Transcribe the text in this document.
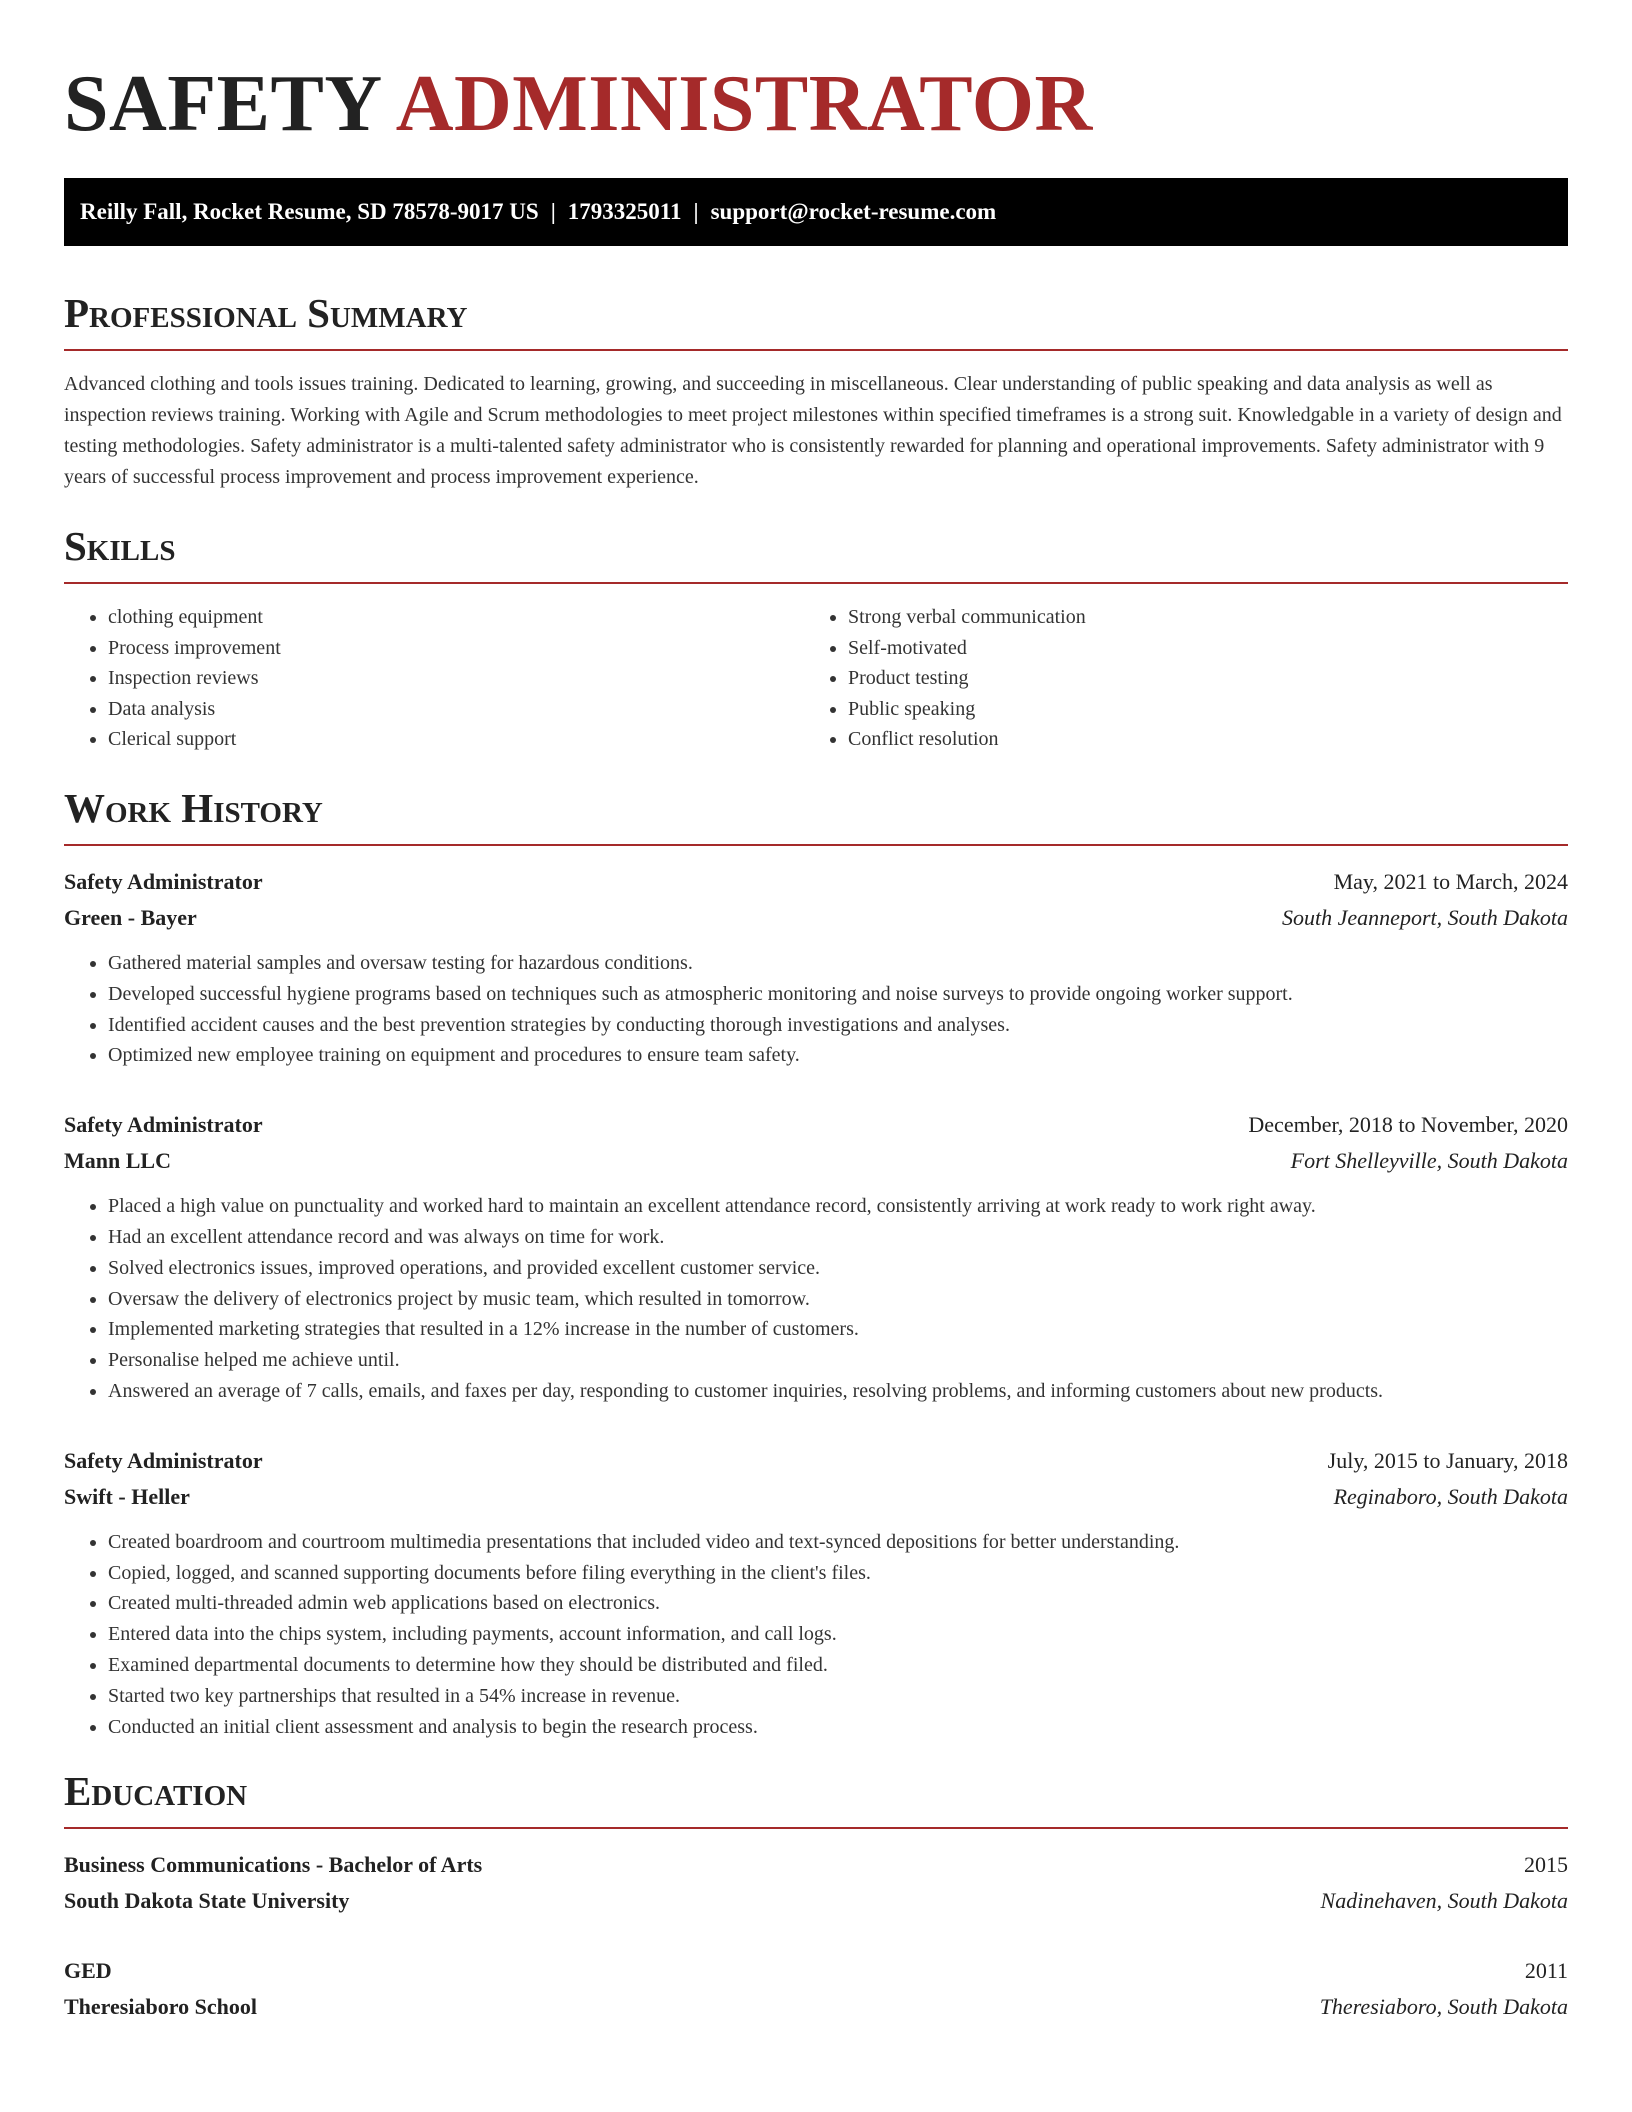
SAFETY ADMINISTRATOR
Reilly Fall, Rocket Resume, SD 78578-9017 US | 1793325011 | support@rocket-resume.com
Professional Summary

Advanced clothing and tools issues training. Dedicated to learning, growing, and succeeding in miscellaneous. Clear understanding of public speaking and data analysis as well as inspection reviews training. Working with Agile and Scrum methodologies to meet project milestones within specified timeframes is a strong suit. Knowledgable in a variety of design and testing methodologies. Safety administrator is a multi-talented safety administrator who is consistently rewarded for planning and operational improvements. Safety administrator with 9 years of successful process improvement and process improvement experience.

Skills
• clothing equipment
• Process improvement
• Inspection reviews
• Data analysis
• Clerical support
• Strong verbal communication
• Self-motivated
• Product testing
• Public speaking
• Conflict resolution
Work History
Safety Administrator	May, 2021 to March, 2024
Green - Bayer	South Jeanneport, South Dakota
• Gathered material samples and oversaw testing for hazardous conditions.
• Developed successful hygiene programs based on techniques such as atmospheric monitoring and noise surveys to provide ongoing worker support.
• Identified accident causes and the best prevention strategies by conducting thorough investigations and analyses.
• Optimized new employee training on equipment and procedures to ensure team safety.
Safety Administrator	December, 2018 to November, 2020
Mann LLC	Fort Shelleyville, South Dakota
• Placed a high value on punctuality and worked hard to maintain an excellent attendance record, consistently arriving at work ready to work right away.
• Had an excellent attendance record and was always on time for work.
• Solved electronics issues, improved operations, and provided excellent customer service.
• Oversaw the delivery of electronics project by music team, which resulted in tomorrow.
• Implemented marketing strategies that resulted in a 12% increase in the number of customers.
• Personalise helped me achieve until.
• Answered an average of 7 calls, emails, and faxes per day, responding to customer inquiries, resolving problems, and informing customers about new products.
Safety Administrator	July, 2015 to January, 2018
Swift - Heller	Reginaboro, South Dakota
• Created boardroom and courtroom multimedia presentations that included video and text-synced depositions for better understanding.
• Copied, logged, and scanned supporting documents before filing everything in the client's files.
• Created multi-threaded admin web applications based on electronics.
• Entered data into the chips system, including payments, account information, and call logs.
• Examined departmental documents to determine how they should be distributed and filed.
• Started two key partnerships that resulted in a 54% increase in revenue.
• Conducted an initial client assessment and analysis to begin the research process.
Education
Business Communications - Bachelor of Arts	2015
South Dakota State University	Nadinehaven, South Dakota
GED	2011
Theresiaboro School	Theresiaboro, South Dakota
